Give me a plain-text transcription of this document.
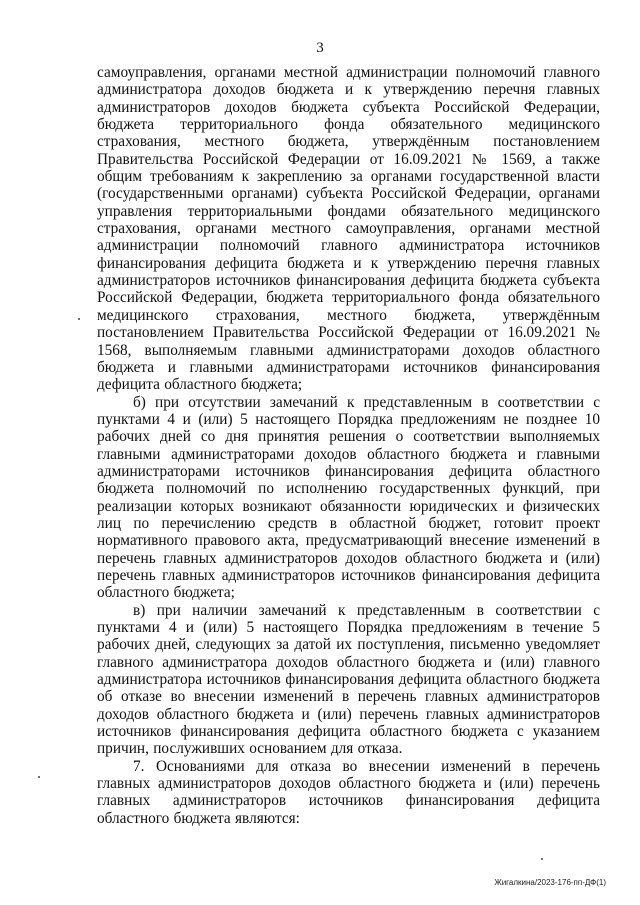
3

самоуправления, органами местной администрации полномочий главного администратора доходов бюджета и к утверждению перечня главных администраторов доходов бюджета субъекта Российской Федерации, бюджета территориального фонда обязательного медицинского страхования, местного бюджета, утверждённым постановлением Правительства Российской Федерации от 16.09.2021 № 1569, а также общим требованиям к закреплению за органами государственной власти (государственными органами) субъекта Российской Федерации, органами управления территориальными фондами обязательного медицинского страхования, органами местного самоуправления, органами местной администрации полномочий главного администратора источников финансирования дефицита бюджета и к утверждению перечня главных администраторов источников финансирования дефицита бюджета субъекта Российской Федерации, бюджета территориального фонда обязательного медицинского страхования, местного бюджета, утверждённым постановлением Правительства Российской Федерации от 16.09.2021 № 1568, выполняемым главными администраторами доходов областного бюджета и главными администраторами источников финансирования дефицита областного бюджета;

б) при отсутствии замечаний к представленным в соответствии с пунктами 4 и (или) 5 настоящего Порядка предложениям не позднее 10 рабочих дней со дня принятия решения о соответствии выполняемых главными администраторами доходов областного бюджета и главными администраторами источников финансирования дефицита областного бюджета полномочий по исполнению государственных функций, при реализации которых возникают обязанности юридических и физических лиц по перечислению средств в областной бюджет, готовит проект нормативного правового акта, предусматривающий внесение изменений в перечень главных администраторов доходов областного бюджета и (или) перечень главных администраторов источников финансирования дефицита областного бюджета;

в) при наличии замечаний к представленным в соответствии с пунктами 4 и (или) 5 настоящего Порядка предложениям в течение 5 рабочих дней, следующих за датой их поступления, письменно уведомляет главного администратора доходов областного бюджета и (или) главного администратора источников финансирования дефицита областного бюджета об отказе во внесении изменений в перечень главных администраторов доходов областного бюджета и (или) перечень главных администраторов источников финансирования дефицита областного бюджета с указанием причин, послуживших основанием для отказа.

7. Основаниями для отказа во внесении изменений в перечень главных администраторов доходов областного бюджета и (или) перечень главных администраторов источников финансирования дефицита областного бюджета являются:

Жигалкина/2023-176-пп-ДФ(1)
